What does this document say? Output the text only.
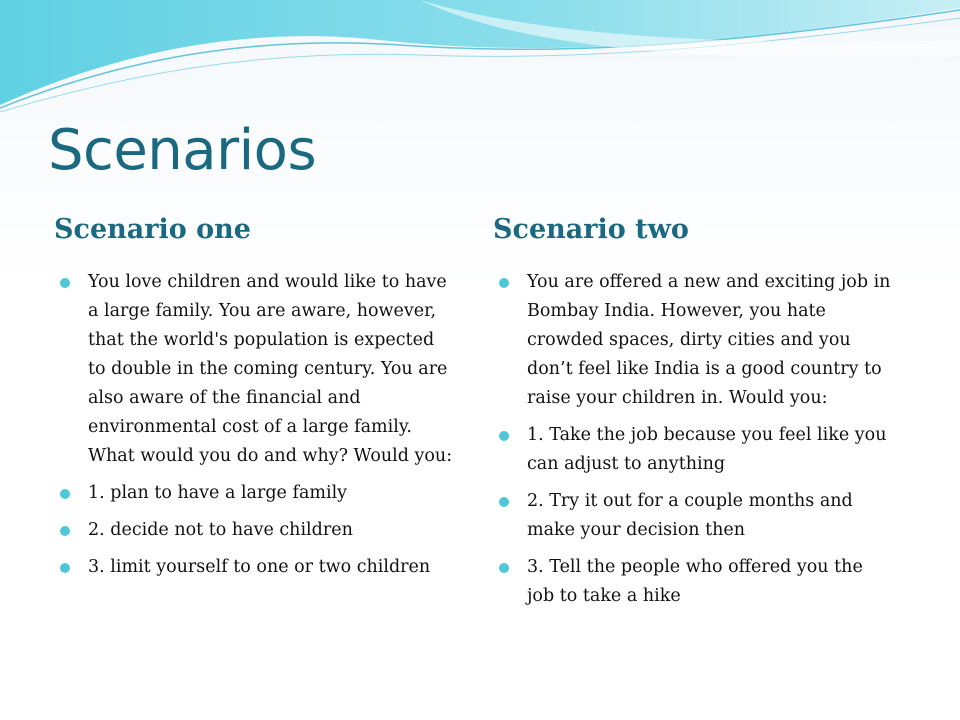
Scenarios
Scenario one
You love children and would like to have a large family. You are aware, however, that the world's population is expected to double in the coming century. You are also aware of the financial and environmental cost of a large family. What would you do and why? Would you:
1. plan to have a large family
2. decide not to have children
3. limit yourself to one or two children
Scenario two
You are offered a new and exciting job in Bombay India. However, you hate crowded spaces, dirty cities and you don’t feel like India is a good country to raise your children in. Would you:
1. Take the job because you feel like you can adjust to anything
2. Try it out for a couple months and make your decision then
3. Tell the people who offered you the job to take a hike
